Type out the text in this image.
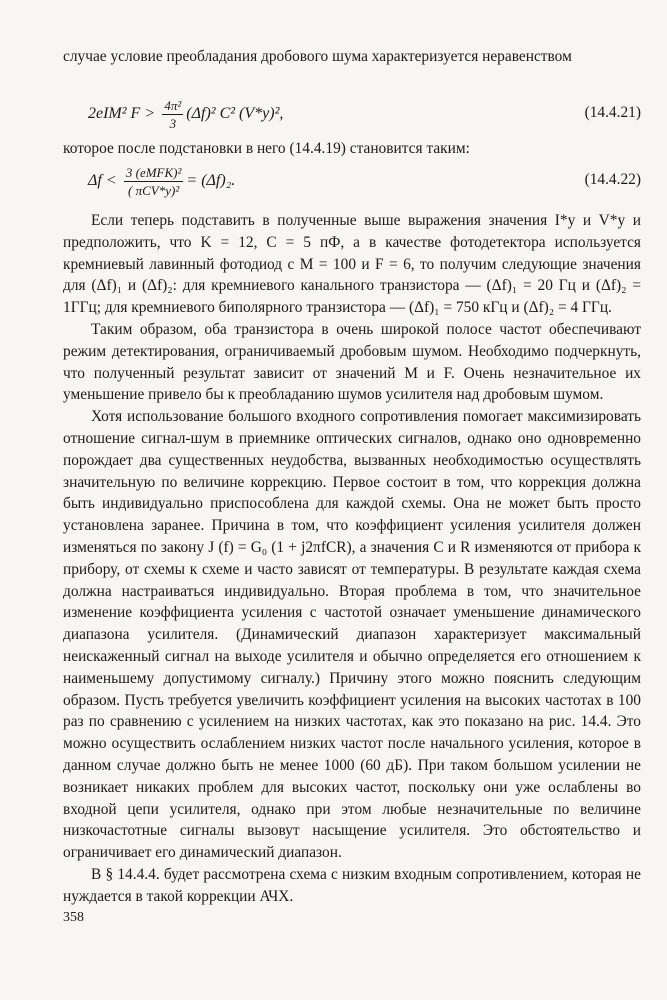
случае условие преобладания дробового шума характеризуется неравенством

2eIM² $F > \frac{\text{4π²}}{3} (\Delta f)^2$ C² (V*y)²,	(14.4.21)

которое после подстановки в него (14.4.19) становится таким:

$\Delta f < \frac{\text{3 (eMFK)²}}{\text{( πCV*y)²}} = (\Delta f)_2$.	(14.4.22)

Если теперь подставить в полученные выше выражения значения I*y и V*y и предположить, что K = 12, C = 5 пФ, а в качестве фотодетектора используется кремниевый лавинный фотодиод с M = 100 и F = 6, то получим следующие значения для (Δf)₁ и (Δf)₂: для кремниевого канального транзистора — (Δf)₁ = 20 Гц и (Δf)₂ = 1ГГц; для кремниевого биполярного транзистора — (Δf)₁ = 750 кГц и (Δf)₂ = 4 ГГц.

Таким образом, оба транзистора в очень широкой полосе частот обеспечивают режим детектирования, ограничиваемый дробовым шумом. Необходимо подчеркнуть, что полученный результат зависит от значений M и F. Очень незначительное их уменьшение привело бы к преобладанию шумов усилителя над дробовым шумом.

Хотя использование большого входного сопротивления помогает максимизировать отношение сигнал-шум в приемнике оптических сигналов, однако оно одновременно порождает два существенных неудобства, вызванных необходимостью осуществлять значительную по величине коррекцию. Первое состоит в том, что коррекция должна быть индивидуально приспособлена для каждой схемы. Она не может быть просто установлена заранее. Причина в том, что коэффициент усиления усилителя должен изменяться по закону J (f) = G₀ (1 + j2πfCR), а значения C и R изменяются от прибора к прибору, от схемы к схеме и часто зависят от температуры. В результате каждая схема должна настраиваться индивидуально. Вторая проблема в том, что значительное изменение коэффициента усиления с частотой означает уменьшение динамического диапазона усилителя. (Динамический диапазон характеризует максимальный неискаженный сигнал на выходе усилителя и обычно определяется его отношением к наименьшему допустимому сигналу.) Причину этого можно пояснить следующим образом. Пусть требуется увеличить коэффициент усиления на высоких частотах в 100 раз по сравнению с усилением на низких частотах, как это показано на рис. 14.4. Это можно осуществить ослаблением низких частот после начального усиления, которое в данном случае должно быть не менее 1000 (60 дБ). При таком большом усилении не возникает никаких проблем для высоких частот, поскольку они уже ослаблены во входной цепи усилителя, однако при этом любые незначительные по величине низкочастотные сигналы вызовут насыщение усилителя. Это обстоятельство и ограничивает его динамический диапазон.

В § 14.4.4. будет рассмотрена схема с низким входным сопротивлением, которая не нуждается в такой коррекции АЧХ.

358
